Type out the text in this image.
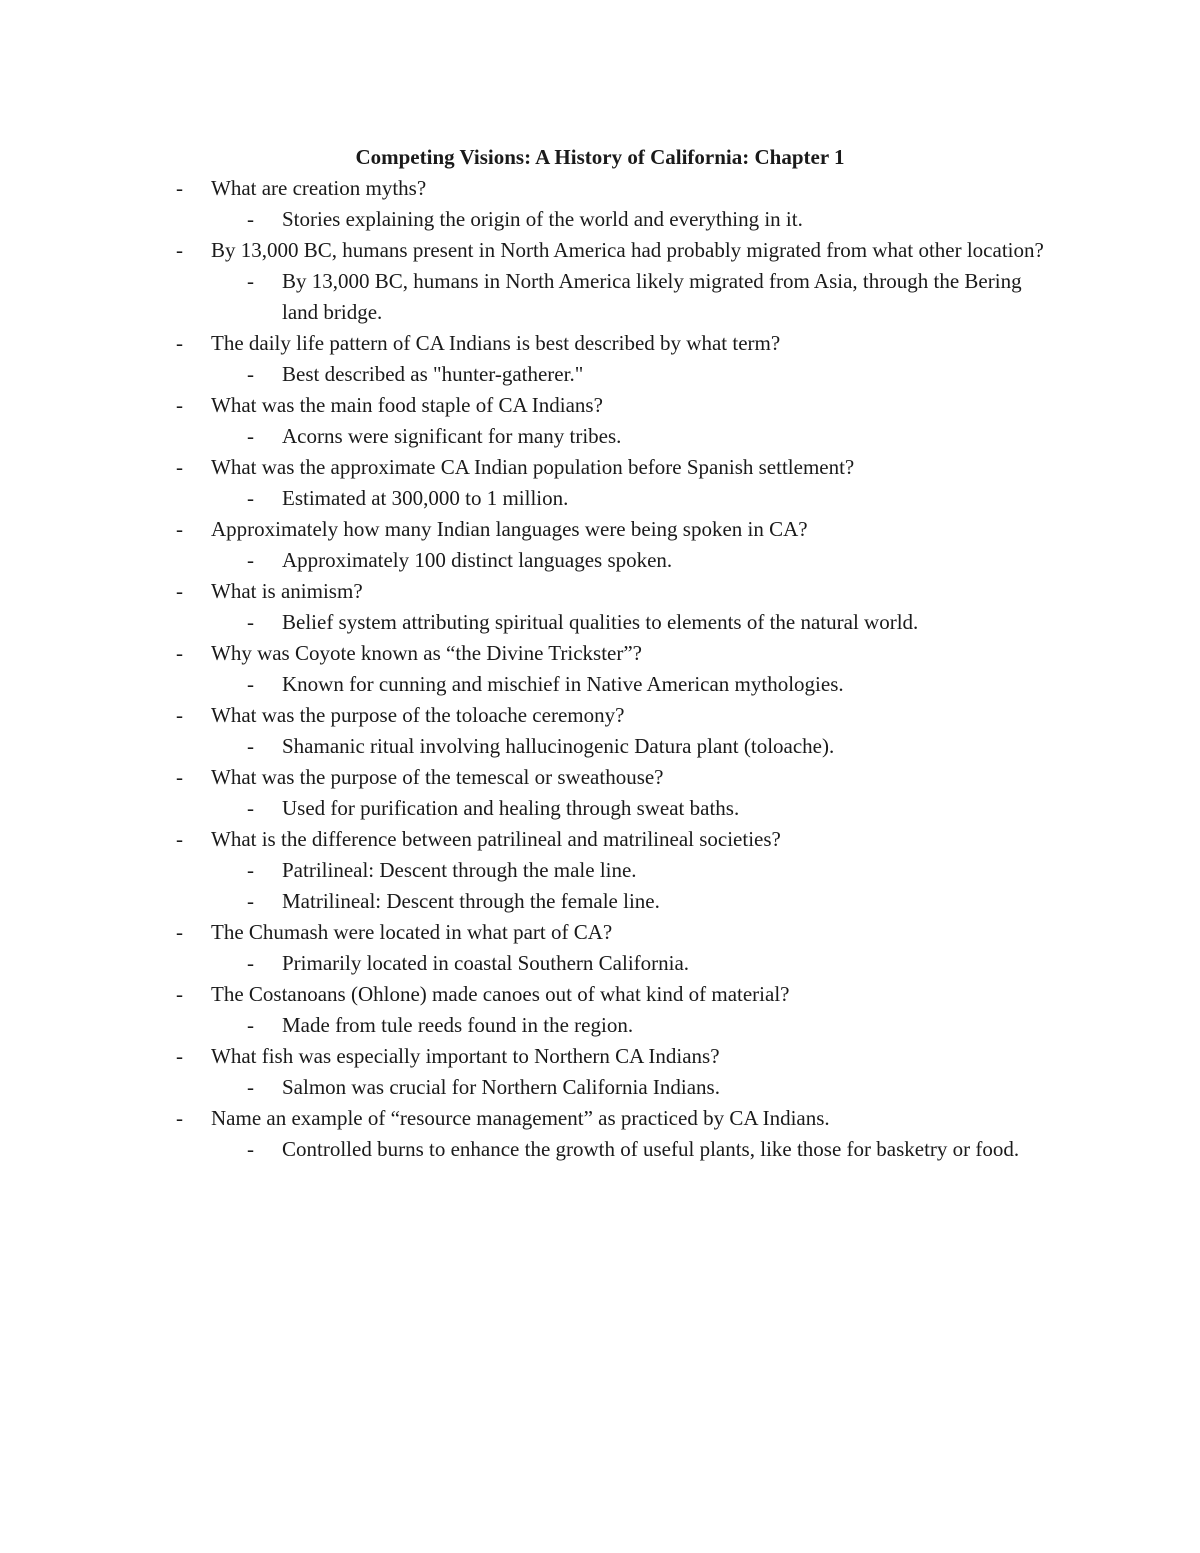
Competing Visions: A History of California: Chapter 1
-	What are creation myths?
-	Stories explaining the origin of the world and everything in it.
-	By 13,000 BC, humans present in North America had probably migrated from what other location?
-	By 13,000 BC, humans in North America likely migrated from Asia, through the Bering land bridge.
-	The daily life pattern of CA Indians is best described by what term?
-	Best described as "hunter-gatherer."
-	What was the main food staple of CA Indians?
-	Acorns were significant for many tribes.
-	What was the approximate CA Indian population before Spanish settlement?
-	Estimated at 300,000 to 1 million.
-	Approximately how many Indian languages were being spoken in CA?
-	Approximately 100 distinct languages spoken.
-	What is animism?
-	Belief system attributing spiritual qualities to elements of the natural world.
-	Why was Coyote known as “the Divine Trickster”?
-	Known for cunning and mischief in Native American mythologies.
-	What was the purpose of the toloache ceremony?
-	Shamanic ritual involving hallucinogenic Datura plant (toloache).
-	What was the purpose of the temescal or sweathouse?
-	Used for purification and healing through sweat baths.
-	What is the difference between patrilineal and matrilineal societies?
-	Patrilineal: Descent through the male line.
-	Matrilineal: Descent through the female line.
-	The Chumash were located in what part of CA?
-	Primarily located in coastal Southern California.
-	The Costanoans (Ohlone) made canoes out of what kind of material?
-	Made from tule reeds found in the region.
-	What fish was especially important to Northern CA Indians?
-	Salmon was crucial for Northern California Indians.
-	Name an example of “resource management” as practiced by CA Indians.
-	Controlled burns to enhance the growth of useful plants, like those for basketry or food.
